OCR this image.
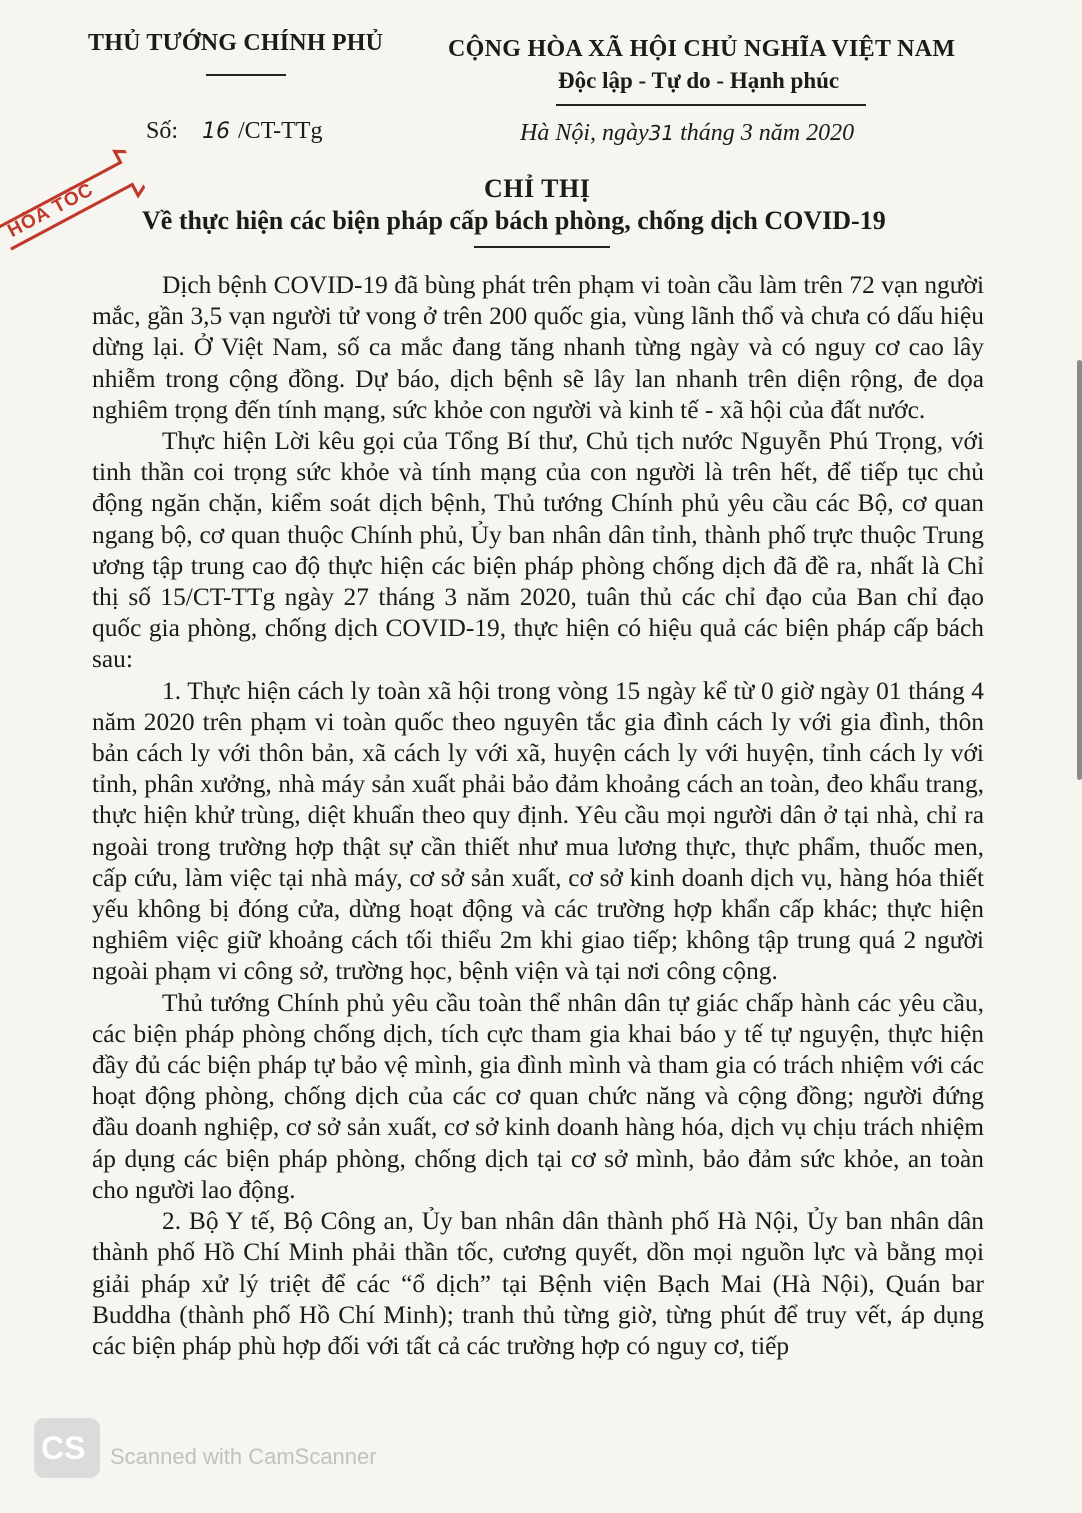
THỦ TƯỚNG CHÍNH PHỦ	CỘNG HÒA XÃ HỘI CHỦ NGHĨA VIỆT NAM
Độc lập - Tự do - Hạnh phúc
Số: 16 /CT-TTg	Hà Nội, ngày31 tháng 3 năm 2020
HỎA TỐC	CHỈ THỊ
Về thực hiện các biện pháp cấp bách phòng, chống dịch COVID-19

Dịch bệnh COVID-19 đã bùng phát trên phạm vi toàn cầu làm trên 72 vạn người mắc, gần 3,5 vạn người tử vong ở trên 200 quốc gia, vùng lãnh thổ và chưa có dấu hiệu dừng lại. Ở Việt Nam, số ca mắc đang tăng nhanh từng ngày và có nguy cơ cao lây nhiễm trong cộng đồng. Dự báo, dịch bệnh sẽ lây lan nhanh trên diện rộng, đe dọa nghiêm trọng đến tính mạng, sức khỏe con người và kinh tế - xã hội của đất nước.

Thực hiện Lời kêu gọi của Tổng Bí thư, Chủ tịch nước Nguyễn Phú Trọng, với tinh thần coi trọng sức khỏe và tính mạng của con người là trên hết, để tiếp tục chủ động ngăn chặn, kiểm soát dịch bệnh, Thủ tướng Chính phủ yêu cầu các Bộ, cơ quan ngang bộ, cơ quan thuộc Chính phủ, Ủy ban nhân dân tỉnh, thành phố trực thuộc Trung ương tập trung cao độ thực hiện các biện pháp phòng chống dịch đã đề ra, nhất là Chỉ thị số 15/CT-TTg ngày 27 tháng 3 năm 2020, tuân thủ các chỉ đạo của Ban chỉ đạo quốc gia phòng, chống dịch COVID-19, thực hiện có hiệu quả các biện pháp cấp bách sau:

1. Thực hiện cách ly toàn xã hội trong vòng 15 ngày kể từ 0 giờ ngày 01 tháng 4 năm 2020 trên phạm vi toàn quốc theo nguyên tắc gia đình cách ly với gia đình, thôn bản cách ly với thôn bản, xã cách ly với xã, huyện cách ly với huyện, tỉnh cách ly với tỉnh, phân xưởng, nhà máy sản xuất phải bảo đảm khoảng cách an toàn, đeo khẩu trang, thực hiện khử trùng, diệt khuẩn theo quy định. Yêu cầu mọi người dân ở tại nhà, chỉ ra ngoài trong trường hợp thật sự cần thiết như mua lương thực, thực phẩm, thuốc men, cấp cứu, làm việc tại nhà máy, cơ sở sản xuất, cơ sở kinh doanh dịch vụ, hàng hóa thiết yếu không bị đóng cửa, dừng hoạt động và các trường hợp khẩn cấp khác; thực hiện nghiêm việc giữ khoảng cách tối thiểu 2m khi giao tiếp; không tập trung quá 2 người ngoài phạm vi công sở, trường học, bệnh viện và tại nơi công cộng.

Thủ tướng Chính phủ yêu cầu toàn thể nhân dân tự giác chấp hành các yêu cầu, các biện pháp phòng chống dịch, tích cực tham gia khai báo y tế tự nguyện, thực hiện đầy đủ các biện pháp tự bảo vệ mình, gia đình mình và tham gia có trách nhiệm với các hoạt động phòng, chống dịch của các cơ quan chức năng và cộng đồng; người đứng đầu doanh nghiệp, cơ sở sản xuất, cơ sở kinh doanh hàng hóa, dịch vụ chịu trách nhiệm áp dụng các biện pháp phòng, chống dịch tại cơ sở mình, bảo đảm sức khỏe, an toàn cho người lao động.

2. Bộ Y tế, Bộ Công an, Ủy ban nhân dân thành phố Hà Nội, Ủy ban nhân dân thành phố Hồ Chí Minh phải thần tốc, cương quyết, dồn mọi nguồn lực và bằng mọi giải pháp xử lý triệt để các “ổ dịch” tại Bệnh viện Bạch Mai (Hà Nội), Quán bar Buddha (thành phố Hồ Chí Minh); tranh thủ từng giờ, từng phút để truy vết, áp dụng các biện pháp phù hợp đối với tất cả các trường hợp có nguy cơ, tiếp

CS Scanned with CamScanner
